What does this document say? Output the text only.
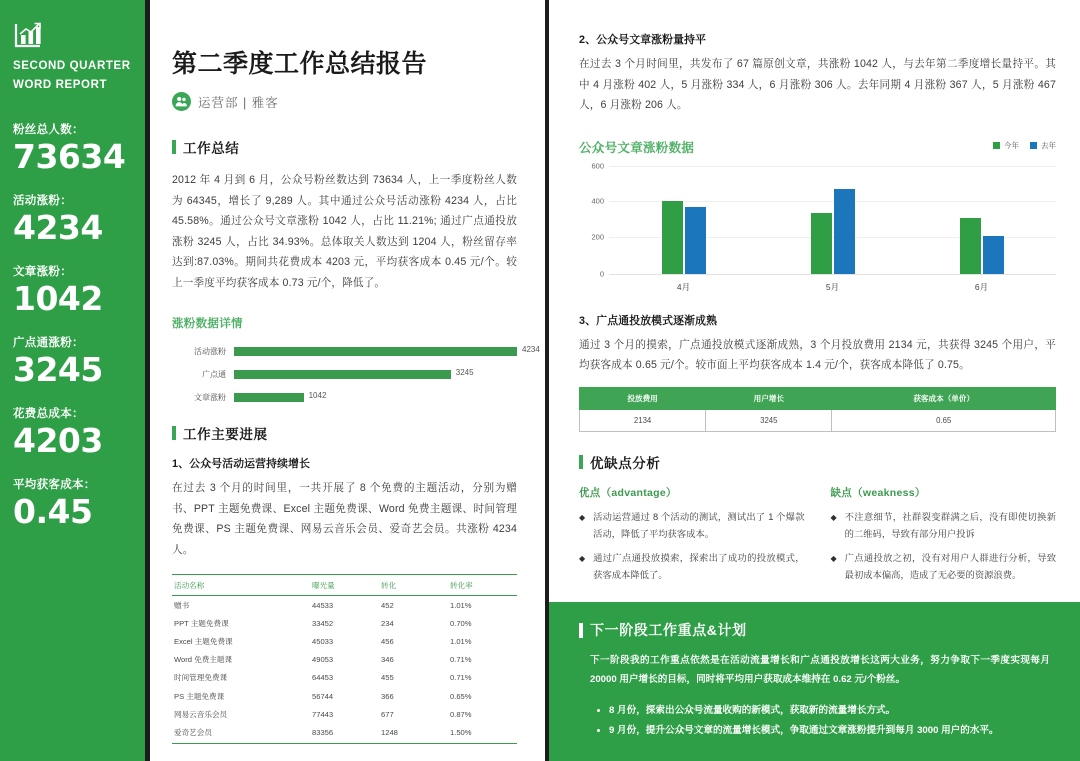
SECOND QUARTER
WORD REPORT
粉丝总人数：
73634
活动涨粉：
4234
文章涨粉：
1042
广点通涨粉：
3245
花费总成本：
4203
平均获客成本：
0.45
第二季度工作总结报告
运营部 | 雅客
工作总结

2012 年 4 月到 6 月，公众号粉丝数达到 73634 人，上一季度粉丝人数为 64345，增长了 9,289 人。其中通过公众号活动涨粉 4234 人，占比 45.58%。通过公众号文章涨粉 1042 人，占比 11.21%; 通过广点通投放涨粉 3245 人，占比 34.93%。总体取关人数达到 1204 人，粉丝留存率达到:87.03%。期间共花费成本 4203 元，平均获客成本 0.45 元/个。较上一季度平均获客成本 0.73 元/个，降低了。

涨粉数据详情
活动涨粉	4234
广点通	3245
文章涨粉	1042
工作主要进展
1、公众号活动运营持续增长

在过去 3 个月的时间里，一共开展了 8 个免费的主题活动，分别为赠书、PPT 主题免费课、Excel 主题免费课、Word 免费主题课、时间管理免费课、PS 主题免费课、网易云音乐会员、爱奇艺会员。共涨粉 4234 人。

活动名称	曝光量	转化	转化率
赠书	44533	452	1.01%
PPT 主题免费课	33452	234	0.70%
Excel 主题免费课	45033	456	1.01%
Word 免费主题课	49053	346	0.71%
时间管理免费课	64453	455	0.71%
PS 主题免费课	56744	366	0.65%
网易云音乐会员	77443	677	0.87%
爱奇艺会员	83356	1248	1.50%
2、公众号文章涨粉量持平

在过去 3 个月时间里，共发布了 67 篇原创文章，共涨粉 1042 人，与去年第二季度增长量持平。其中 4 月涨粉 402 人，5 月涨粉 334 人，6 月涨粉 306 人。去年同期 4 月涨粉 367 人，5 月涨粉 467 人，6 月涨粉 206 人。

公众号文章涨粉数据	今年	去年
600
400
200
0
4月	5月	6月
3、广点通投放模式逐渐成熟

通过 3 个月的摸索，广点通投放模式逐渐成熟，3 个月投放费用 2134 元，共获得 3245 个用户，平均获客成本 0.65 元/个。较市面上平均获客成本 1.4 元/个，获客成本降低了 0.75。

投放费用	用户增长	获客成本（单价）
2134	3245	0.65
优缺点分析
优点（advantage）
◆ 活动运营通过 8 个活动的测试，测试出了 1 个爆款活动，降低了平均获客成本。
◆ 通过广点通投放摸索，探索出了成功的投放模式，获客成本降低了。
缺点（weakness）
◆ 不注意细节，社群裂变群满之后，没有即使切换新的二维码，导致有部分用户投诉
◆ 广点通投放之初，没有对用户人群进行分析，导致最初成本偏高，造成了无必要的资源浪费。
下一阶段工作重点&计划
下一阶段我的工作重点依然是在活动流量增长和广点通投放增长这两大业务，努力争取下一季度实现每月 20000 用户增长的目标，同时将平均用户获取成本维持在 0.62 元/个粉丝。
• 8 月份，探索出公众号流量收购的新模式，获取新的流量增长方式。
• 9 月份，提升公众号文章的流量增长模式，争取通过文章涨粉提升到每月 3000 用户的水平。
